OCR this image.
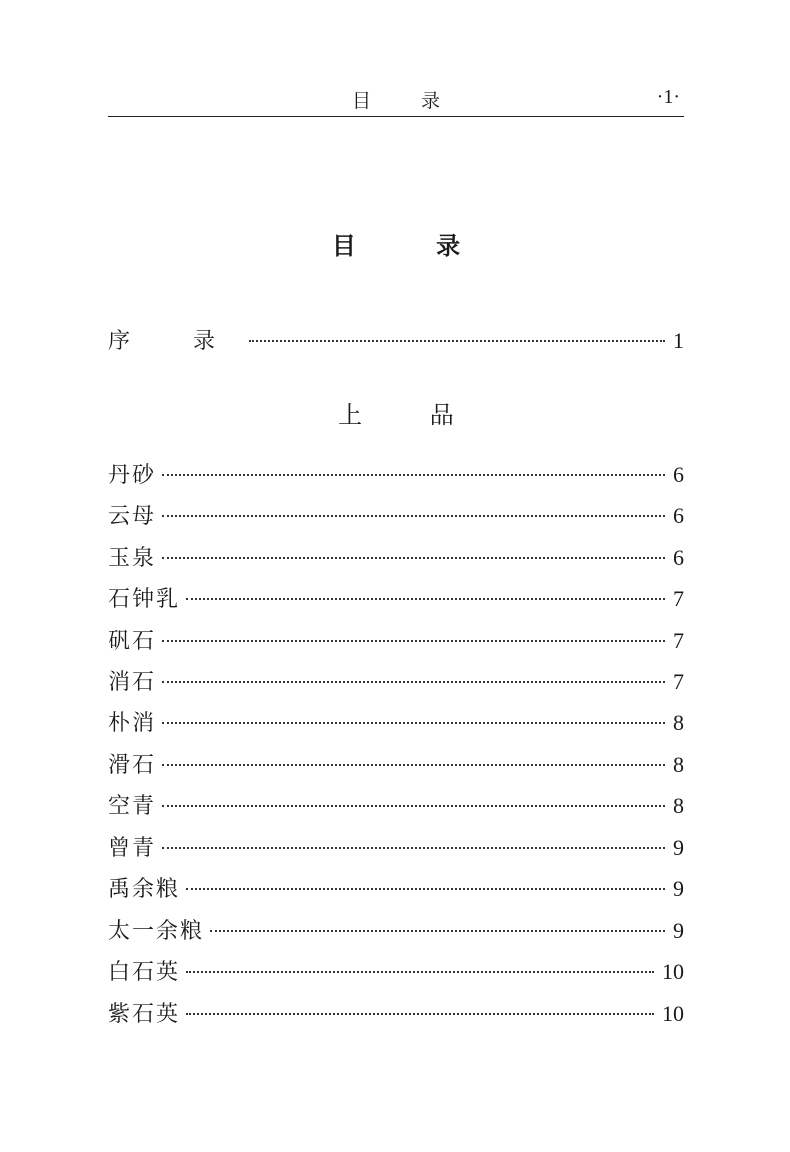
目 录	·1·
目 录
序 录	1
上 品
丹砂	6
云母	6
玉泉	6
石钟乳	7
矾石	7
消石	7
朴消	8
滑石	8
空青	8
曾青	9
禹余粮	9
太一余粮	9
白石英	10
紫石英	10
